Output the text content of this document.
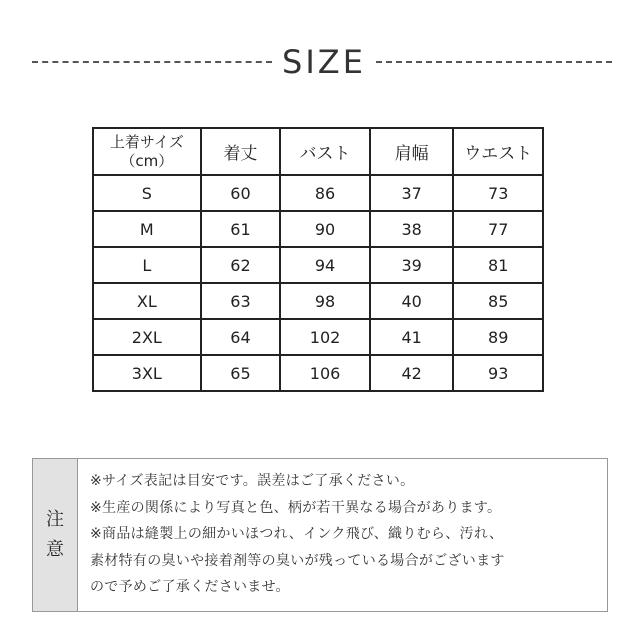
SIZE
上着サイズ
（cm）	着丈	バスト	肩幅	ウエスト
S	60	86	37	73
M	61	90	38	77
L	62	94	39	81
XL	63	98	40	85
2XL	64	102	41	89
3XL	65	106	42	93
注
意
※サイズ表記は目安です。誤差はご了承ください。
※生産の関係により写真と色、柄が若干異なる場合があります。
※商品は縫製上の細かいほつれ、インク飛び、織りむら、汚れ、
素材特有の臭いや接着剤等の臭いが残っている場合がございます
ので予めご了承くださいませ。
